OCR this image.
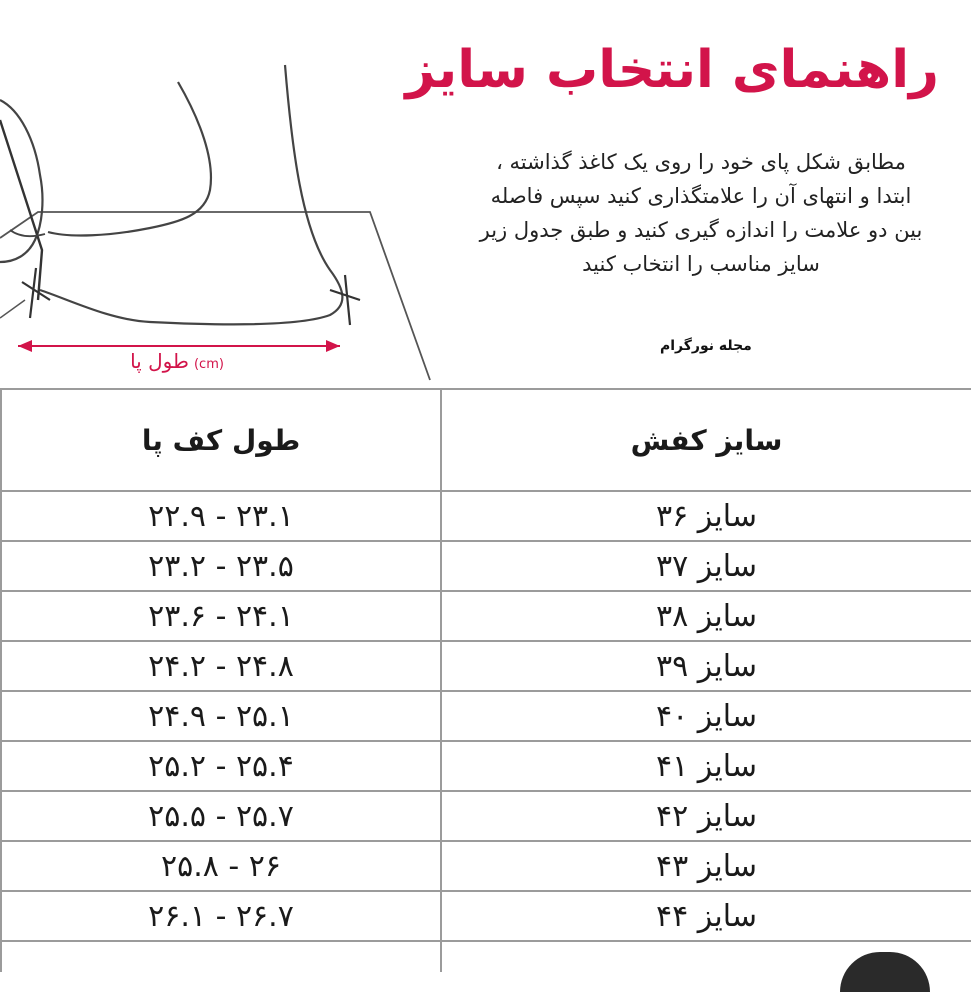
(cm) طول پا
راهنمای انتخاب سایز
مطابق شکل پای خود را روی یک کاغذ گذاشته ،
ابتدا و انتهای آن را علامتگذاری کنید سپس فاصله
بین دو علامت را اندازه گیری کنید و طبق جدول زیر
سایز مناسب را انتخاب کنید
مجله نورگرام
طول کف پا	سایز کفش
۲۲.۹ - ۲۳.۱	سایز ۳۶
۲۳.۲ - ۲۳.۵	سایز ۳۷
۲۳.۶ - ۲۴.۱	سایز ۳۸
۲۴.۲ - ۲۴.۸	سایز ۳۹
۲۴.۹ - ۲۵.۱	سایز ۴۰
۲۵.۲ - ۲۵.۴	سایز ۴۱
۲۵.۵ - ۲۵.۷	سایز ۴۲
۲۵.۸ - ۲۶	سایز ۴۳
۲۶.۱ - ۲۶.۷	سایز ۴۴
